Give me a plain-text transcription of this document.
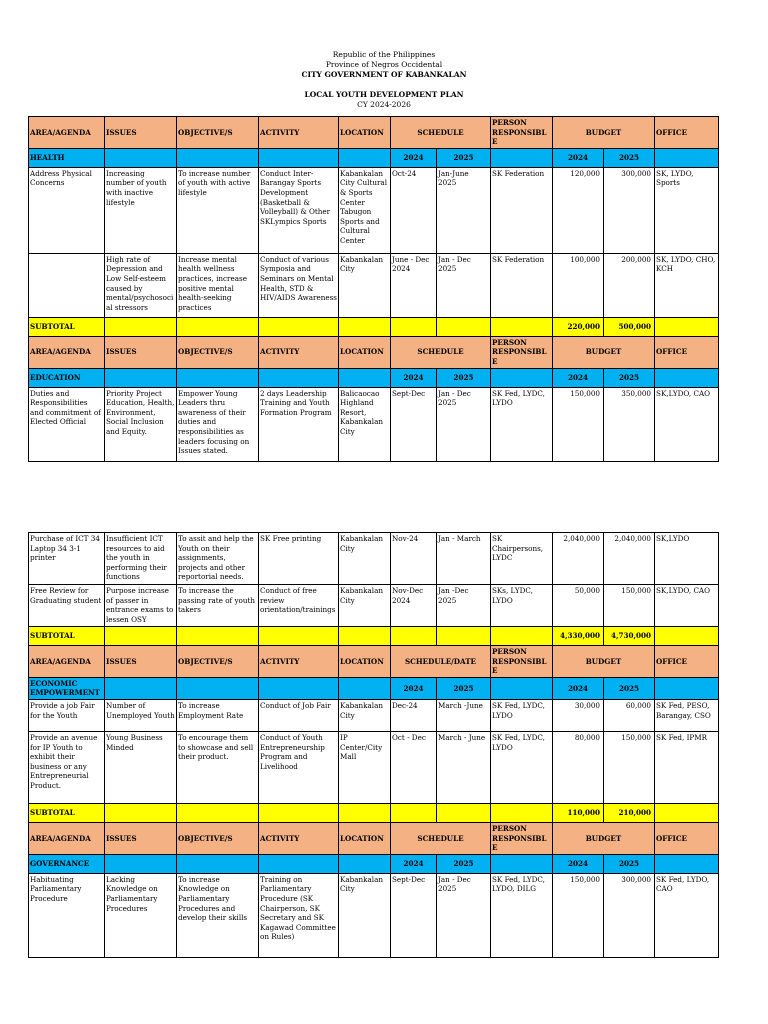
Republic of the Philippines
Province of Negros Occidental
CITY GOVERNMENT OF KABANKALAN
LOCAL YOUTH DEVELOPMENT PLAN
CY 2024-2026
AREA/AGENDA	ISSUES	OBJECTIVE/S	ACTIVITY	LOCATION	SCHEDULE		PERSON RESPONSIBLE	BUDGET		OFFICE
HEALTH					2024	2025		2024	2025	
Address Physical Concerns	Increasing number of youth with inactive lifestyle	To increase number of youth with active lifestyle	Conduct Inter-Barangay Sports Development (Basketball & Volleyball) & Other SKLympics Sports	Kabankalan City Cultural & Sports Center Tabugon Sports and Cultural Center	Oct-24	Jan-June 2025	SK Federation	120,000	300,000	SK, LYDO, Sports
	High rate of Depression and Low Self-esteem caused by mental/psychosoci al stressors	Increase mental health wellness practices, increase positive mental health-seeking practices	Conduct of various Symposia and Seminars on Mental Health, STD & HIV/AIDS Awareness	Kabankalan City	June - Dec 2024	Jan - Dec 2025	SK Federation	100,000	200,000	SK, LYDO, CHO, KCH
SUBTOTAL								220,000	500,000	
AREA/AGENDA	ISSUES	OBJECTIVE/S	ACTIVITY	LOCATION	SCHEDULE		PERSON RESPONSIBLE	BUDGET		OFFICE
EDUCATION					2024	2025		2024	2025	
Duties and Responsibilities and commitment of Elected Official	Priority Project Education, Health, Environment, Social Inclusion and Equity.	Empower Young Leaders thru awareness of their duties and responsibilities as leaders focusing on Issues stated.	2 days Leadership Training and Youth Formation Program	Balicaocao Highland Resort, Kabankalan City	Sept-Dec	Jan - Dec 2025	SK Fed, LYDC, LYDO	150,000	350,000	SK,LYDO, CAO
Purchase of ICT 34 Laptop 34 3-1 printer	Insufficient ICT resources to aid the youth in performing their functions	To assit and help the Youth on their assignments, projects and other reportorial needs.	SK Free printing	Kabankalan City	Nov-24	Jan - March	SK Chairpersons, LYDC	2,040,000	2,040,000	SK,LYDO
Free Review for Graduating student	Purpose increase of passer in entrance exams to lessen OSY	To increase the passing rate of youth takers	Conduct of free review orientation/trainings	Kabankalan City	Nov-Dec 2024	Jan -Dec 2025	SKs, LYDC, LYDO	50,000	150,000	SK,LYDO, CAO
SUBTOTAL								4,330,000	4,730,000	
AREA/AGENDA	ISSUES	OBJECTIVE/S	ACTIVITY	LOCATION	SCHEDULE/DATE		PERSON RESPONSIBLE	BUDGET		OFFICE
ECONOMIC EMPOWERMENT					2024	2025		2024	2025	
Provide a job Fair for the Youth	Number of Unemployed Youth	To increase Employment Rate	Conduct of Job Fair	Kabankalan City	Dec-24	March -June	SK Fed, LYDC, LYDO	30,000	60,000	SK Fed, PESO, Barangay, CSO
Provide an avenue for IP Youth to exhibit their business or any Entrepreneurial Product.	Young Business Minded	To encourage them to showcase and sell their product.	Conduct of Youth Entrepreneurship Program and Livelihood	IP Center/City Mall	Oct - Dec	March - June	SK Fed, LYDC, LYDO	80,000	150,000	SK Fed, IPMR
SUBTOTAL								110,000	210,000	
AREA/AGENDA	ISSUES	OBJECTIVE/S	ACTIVITY	LOCATION	SCHEDULE		PERSON RESPONSIBLE	BUDGET		OFFICE
GOVERNANCE					2024	2025		2024	2025	
Habituating Parliamentary Procedure	Lacking Knowledge on Parliamentary Procedures	To increase Knowledge on Parliamentary Procedures and develop their skills	Training on Parliamentary Procedure (SK Chairperson, SK Secretary and SK Kagawad Committee on Rules)	Kabankalan City	Sept-Dec	Jan - Dec 2025	SK Fed, LYDC, LYDO, DILG	150,000	300,000	SK Fed, LYDO, CAO
